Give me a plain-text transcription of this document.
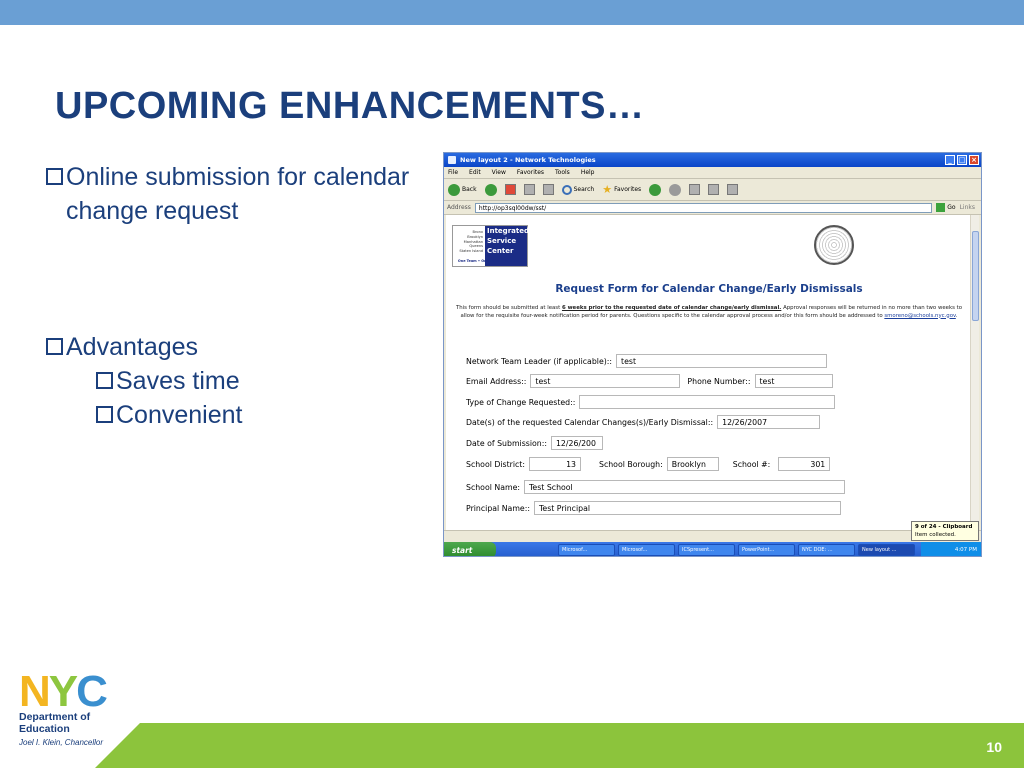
UPCOMING ENHANCEMENTS…
Online submission for calendar change request
Advantages
Saves time
Convenient
New layout 2 - Network Technologies	_ □ ×
File Edit View Favorites Tools Help
Back	Search ★ Favorites
Address	http://op3sql00dw/sst/	Go Links
Bronx
Brooklyn
Manhattan
Queens
Staten Island
Integrated
Service
Center
One Team • One Voice • One Goal
Request Form for Calendar Change/Early Dismissals
This form should be submitted at least 6 weeks prior to the requested date of calendar change/early dismissal. Approval responses will be returned in no more than two weeks to allow for the requisite four-week notification period for parents. Questions specific to the calendar approval process and/or this form should be addressed to smoreno@schools.nyc.gov.
Network Team Leader (if applicable)::	test
Email Address::	test	Phone Number::	test
Type of Change Requested::
Date(s) of the requested Calendar Changes(s)/Early Dismissal::	12/26/2007
Date of Submission::	12/26/200
School District:	13	School Borough:	Brooklyn	School #:	301
School Name:	Test School
Principal Name::	Test Principal
9 of 24 - Clipboard
Item collected.
start	Microsof...	Microsof...	ICSpresent...	PowerPoint...	NYC DOE: ...	New layout ...	4:07 PM
10
NYC
Department of
Education
Joel I. Klein, Chancellor
